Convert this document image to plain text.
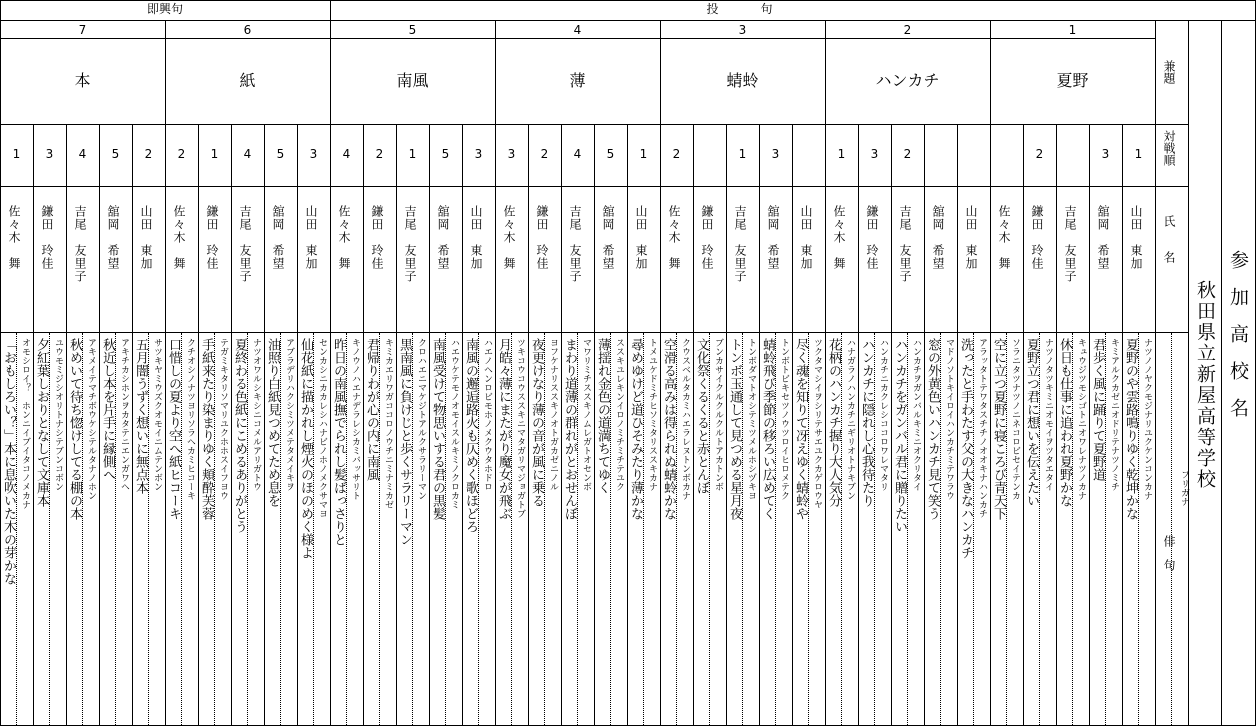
即興句	投　　句
兼題
対戦順
氏　　名
俳　句
フリガナ 秋田県立新屋高等学校 参加高校名
7
本
1
佐々木　舞
「おもしろい？」本に息吹いた木の芽かな オモシロイ？　ホンニイブイタコノメカナ
3
鎌田　玲佳
夕紅葉しおりとなして文庫本 ユウモミジシオリトナシテブンコボン
4
吉尾　友里子
秋めいて待ち惚けしてる棚の本 アキメイテマチボウケシテルタナノホン
5
舘岡　希望
秋近し本を片手に縁側へ アキチカシホンヲカタテニエンガワヘ
2
山田　東加
五月闇うずく想いに無点本 サツキヤミウズクオモイニムテンボン
6
紙
2
佐々木　舞
口惜しの夏より空へ紙ヒコーキ クチオシノナツヨリソラヘカミヒコーキ
1
鎌田　玲佳
手紙来たり染まりゆく頬酔芙蓉 テガミキタリソマリユクホホスイフヨウ
4
吉尾　友里子
夏終わる色紙にこめるありがとう ナツオワルシキシニコメルアリガトウ
5
舘岡　希望
油照り白紙見つめてため息を アブラデリハクシミツメテタメイキヲ
3
山田　東加
仙花紙に描かれし煙火のほのめく様よ センカシニカカレシハナビノホノメクサマヨ
5
南風
4
佐々木　舞
昨日の南風撫でられし髪ばっさりと キノウノハエナデラレシカミバッサリト
2
鎌田　玲佳
君帰りわが心の内に南風 キミカエリワガココロノウチニミナミカゼ
1
吉尾　友里子
黒南風に負けじと歩くサラリーマン クロハエニマケジトアルクサラリーマン
5
舘岡　希望
南風受けて物思いする君の黒髪 ハエウケテモノオモイスルキミノクロカミ
3
山田　東加
南風の邂逅路火も仄めく歌ほどろ ハエノヘンロビモホノメクウタホドロ
4
薄
3
佐々木　舞
月皓々薄にまたがり魔女が飛ぶ ツキコウコウススキニマタガリマジョガトブ
2
鎌田　玲佳
夜更けなり薄の音が風に乗る ヨフケナリススキノオトガカゼニノル
4
吉尾　友里子
まわり道薄の群れがとおせんぼ マワリミチススキノムレガトオセンボ
5
舘岡　希望
薄揺れ金色の道満ちてゆく ススキユレキンイロノミチミチテユク
1
山田　東加
尋めゆけど道ひそみたり薄かな トメユケドミチヒソミタリススキカナ
3
蜻蛉
2
佐々木　舞
空滑る高みは得られぬ蜻蛉かな クウスベルタカミハエラレヌトンボカナ
鎌田　玲佳
文化祭くるくると赤とんぼ ブンカサイクルクルクルトアカトンボ
1
吉尾　友里子
トンボ玉通して見つめる星月夜 トンボダマトオシテミツメルホシヅキヨ
3
舘岡　希望
蜻蛉飛び季節の移ろい広めてく トンボトビキセツノウツロイヒロメテク
山田　東加
尽く魂を知りて冴えゆく蜻蛉や ツクタマシイヲシリテサエユクカゲロウヤ
2
ハンカチ
1
佐々木　舞
花柄のハンカチ握り大人気分 ハナガラノハンカチニギリオトナキブン
3
鎌田　玲佳
ハンカチに隠れし心我待たり ハンカチニカクレシココロワレマタリ
2
吉尾　友里子
ハンカチをガンバル君に贈りたい ハンカチヲガンバルキミニオクリタイ
舘岡　希望
窓の外黄色いハンカチ見て笑う マドノソトキイロイハンカチミテワラウ
山田　東加
洗ったと手わたす父の大きなハンカチ アラッタトテワタスチチノオオキナハンカチ
1
夏野
佐々木　舞
空に立つ夏野に寝ころび青天下 ソラニタツナツノニネコロビセイテンカ
2
鎌田　玲佳
夏野立つ君に想いを伝えたい ナツノタツキミニオモイヲツタエタイ
吉尾　友里子
休日も仕事に追われ夏野かな キュウジツモシゴトニオワレナツノカナ
3
舘岡　希望
君歩く風に踊りて夏野道 キミアルクカゼニオドリテナツノミチ
1
山田　東加
夏野のや雲路鳴りゆく乾坤かな ナツノノヤクモジナリユクケンコンカナ
